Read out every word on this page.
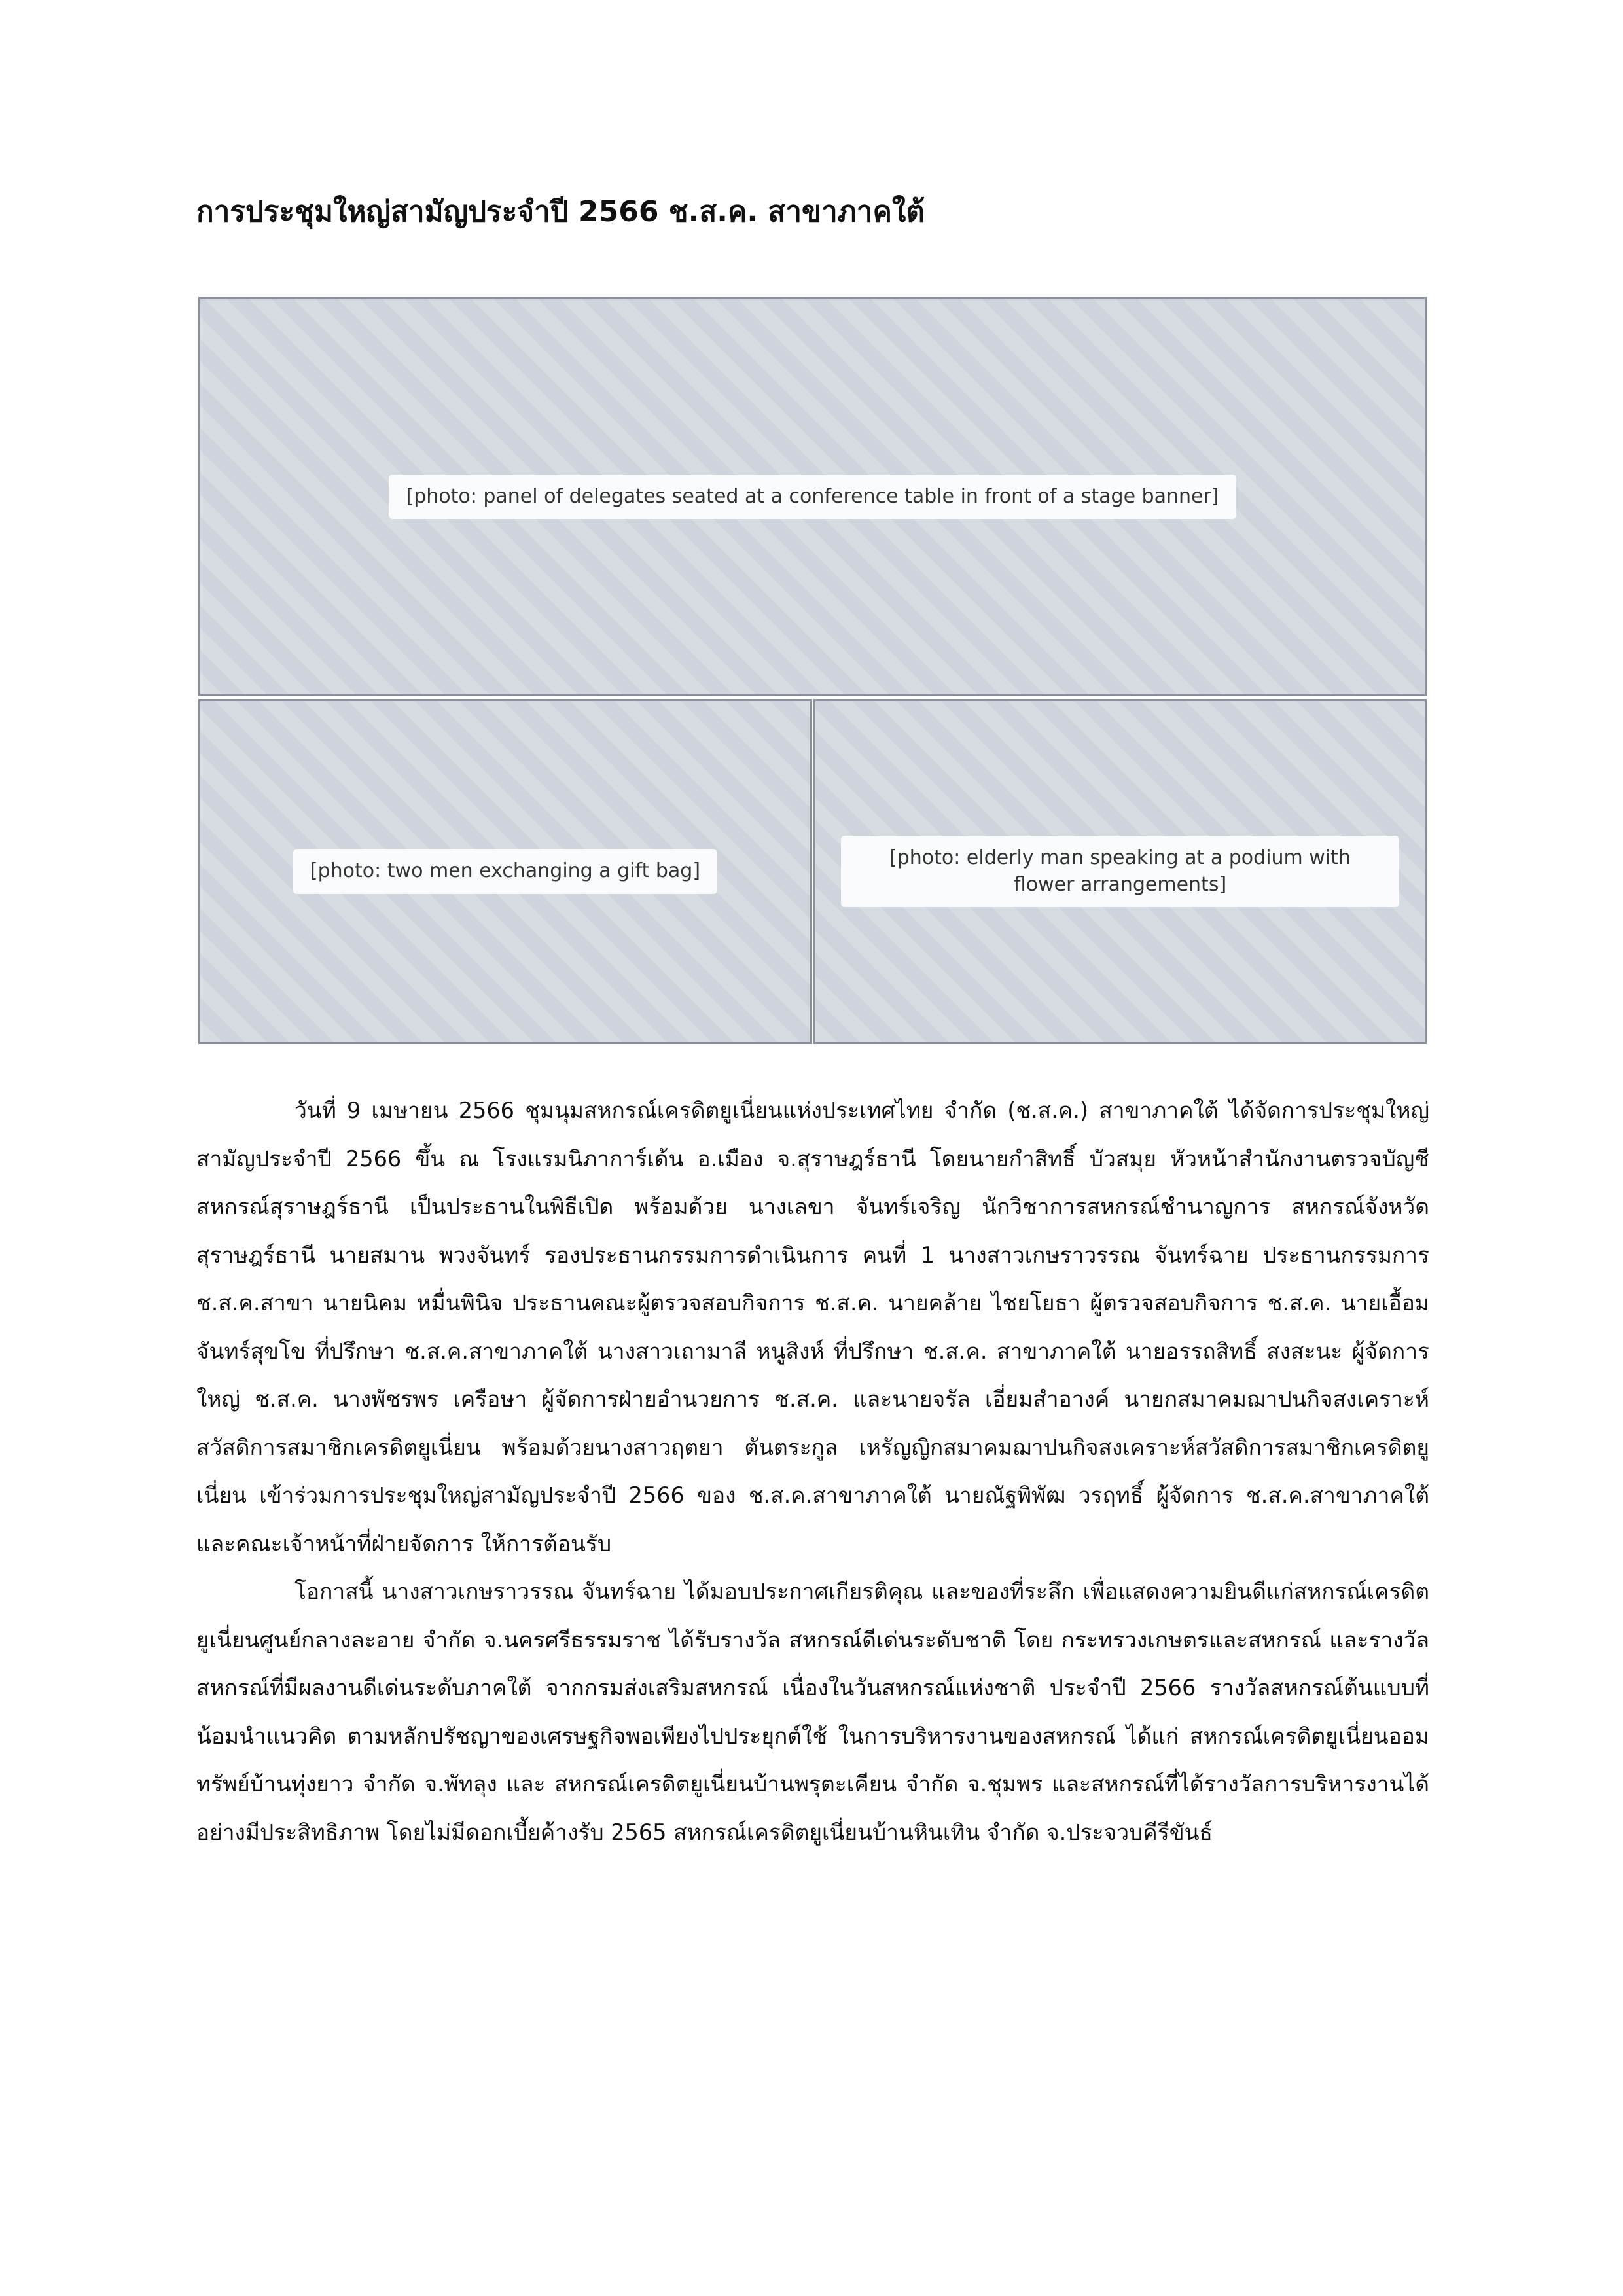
การประชุมใหญ่สามัญประจำปี 2566 ช.ส.ค. สาขาภาคใต้
[photo: panel of delegates seated at a conference table in front of a stage banner]
[photo: two men exchanging a gift bag]
[photo: elderly man speaking at a podium with flower arrangements]

วันที่ 9 เมษายน 2566 ชุมนุมสหกรณ์เครดิตยูเนี่ยนแห่งประเทศไทย จำกัด (ช.ส.ค.) สาขาภาคใต้ ได้จัดการประชุมใหญ่สามัญประจำปี 2566 ขึ้น ณ โรงแรมนิภาการ์เด้น อ.เมือง จ.สุราษฎร์ธานี โดยนายกำสิทธิ์ บัวสมุย หัวหน้าสำนักงานตรวจบัญชีสหกรณ์สุราษฎร์ธานี เป็นประธานในพิธีเปิด พร้อมด้วย นางเลขา จันทร์เจริญ นักวิชาการสหกรณ์ชำนาญการ สหกรณ์จังหวัดสุราษฎร์ธานี นายสมาน พวงจันทร์ รองประธานกรรมการดำเนินการ คนที่ 1 นางสาวเกษราวรรณ จันทร์ฉาย ประธานกรรมการ ช.ส.ค.สาขา นายนิคม หมื่นพินิจ ประธานคณะผู้ตรวจสอบกิจการ ช.ส.ค. นายคล้าย ไชยโยธา ผู้ตรวจสอบกิจการ ช.ส.ค. นายเอื้อม จันทร์สุขโข ที่ปรึกษา ช.ส.ค.สาขาภาคใต้ นางสาวเถามาลี หนูสิงห์ ที่ปรึกษา ช.ส.ค. สาขาภาคใต้ นายอรรถสิทธิ์ สงสะนะ ผู้จัดการใหญ่ ช.ส.ค. นางพัชรพร เครือษา ผู้จัดการฝ่ายอำนวยการ ช.ส.ค. และนายจรัล เอี่ยมสำอางค์ นายกสมาคมฌาปนกิจสงเคราะห์สวัสดิการสมาชิกเครดิตยูเนี่ยน พร้อมด้วยนางสาวฤตยา ตันตระกูล เหรัญญิกสมาคมฌาปนกิจสงเคราะห์สวัสดิการสมาชิกเครดิตยูเนี่ยน เข้าร่วมการประชุมใหญ่สามัญประจำปี 2566 ของ ช.ส.ค.สาขาภาคใต้ นายณัฐพิพัฒ วรฤทธิ์ ผู้จัดการ ช.ส.ค.สาขาภาคใต้ และคณะเจ้าหน้าที่ฝ่ายจัดการ ให้การต้อนรับ

โอกาสนี้ นางสาวเกษราวรรณ จันทร์ฉาย ได้มอบประกาศเกียรติคุณ และของที่ระลึก เพื่อแสดงความยินดีแก่สหกรณ์เครดิตยูเนี่ยนศูนย์กลางละอาย จำกัด จ.นครศรีธรรมราช ได้รับรางวัล สหกรณ์ดีเด่นระดับชาติ โดย กระทรวงเกษตรและสหกรณ์ และรางวัล สหกรณ์ที่มีผลงานดีเด่นระดับภาคใต้ จากกรมส่งเสริมสหกรณ์ เนื่องในวันสหกรณ์แห่งชาติ ประจำปี 2566 รางวัลสหกรณ์ต้นแบบที่น้อมนำแนวคิด ตามหลักปรัชญาของเศรษฐกิจพอเพียงไปประยุกต์ใช้ ในการบริหารงานของสหกรณ์ ได้แก่ สหกรณ์เครดิตยูเนี่ยนออมทรัพย์บ้านทุ่งยาว จำกัด จ.พัทลุง และ สหกรณ์เครดิตยูเนี่ยนบ้านพรุตะเคียน จำกัด จ.ชุมพร และสหกรณ์ที่ได้รางวัลการบริหารงานได้อย่างมีประสิทธิภาพ โดยไม่มีดอกเบี้ยค้างรับ 2565 สหกรณ์เครดิตยูเนี่ยนบ้านหินเทิน จำกัด จ.ประจวบคีรีขันธ์
